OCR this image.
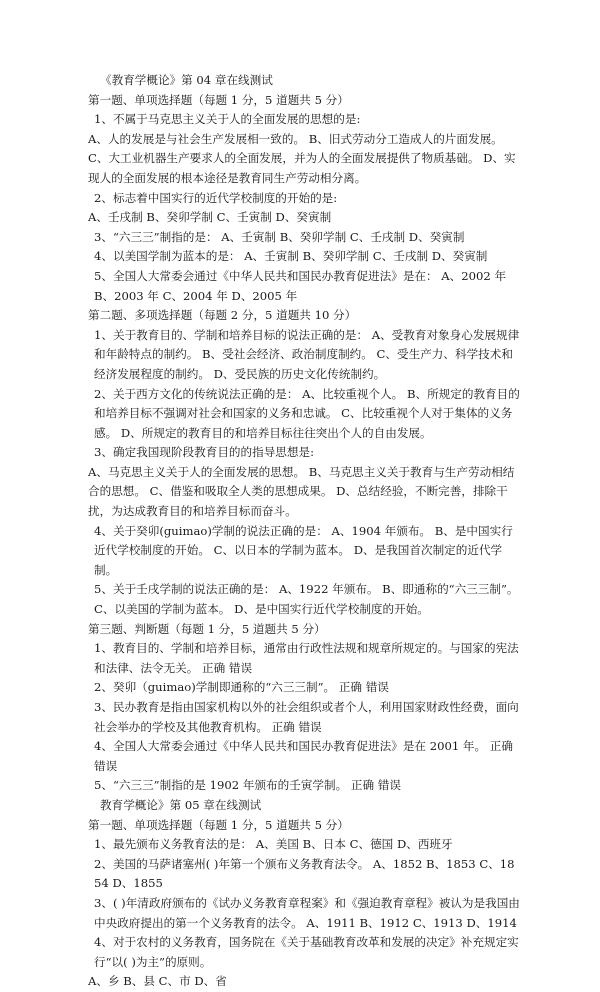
《教育学概论》第 04 章在线测试
第一题、单项选择题（每题 1 分，5 道题共 5 分）
1、不属于马克思主义关于人的全面发展的思想的是:
A、人的发展是与社会生产发展相一致的。 B、旧式劳动分工造成人的片面发展。 C、大工业机器生产要求人的全面发展，并为人的全面发展提供了物质基础。 D、实现人的全面发展的根本途径是教育同生产劳动相分离。
2、标志着中国实行的近代学校制度的开始的是:
A、壬戌制 B、癸卯学制 C、壬寅制 D、癸寅制
3、“六三三”制指的是： A、壬寅制 B、癸卯学制 C、壬戌制 D、癸寅制
4、以美国学制为蓝本的是： A、壬寅制 B、癸卯学制 C、壬戌制 D、癸寅制
5、全国人大常委会通过《中华人民共和国民办教育促进法》是在： A、2002 年 B、2003 年 C、2004 年 D、2005 年
第二题、多项选择题（每题 2 分，5 道题共 10 分）
1、关于教育目的、学制和培养目标的说法正确的是： A、受教育对象身心发展规律和年龄特点的制约。 B、受社会经济、政治制度制约。 C、受生产力、科学技术和经济发展程度的制约。 D、受民族的历史文化传统制约。
2、关于西方文化的传统说法正确的是： A、比较重视个人。 B、所规定的教育目的和培养目标不强调对社会和国家的义务和忠诚。 C、比较重视个人对于集体的义务感。 D、所规定的教育目的和培养目标往往突出个人的自由发展。
3、确定我国现阶段教育目的的指导思想是:
A、马克思主义关于人的全面发展的思想。 B、马克思主义关于教育与生产劳动相结合的思想。 C、借鉴和吸取全人类的思想成果。 D、总结经验，不断完善，排除干扰，为达成教育目的和培养目标而奋斗。
4、关于癸卯(guimao)学制的说法正确的是： A、1904 年颁布。 B、是中国实行近代学校制度的开始。 C、以日本的学制为蓝本。 D、是我国首次制定的近代学制。
5、关于壬戌学制的说法正确的是： A、1922 年颁布。 B、即通称的“六三三制”。 C、以美国的学制为蓝本。 D、是中国实行近代学校制度的开始。
第三题、判断题（每题 1 分，5 道题共 5 分）
1、教育目的、学制和培养目标，通常由行政性法规和规章所规定的。与国家的宪法和法律、法令无关。 正确 错误
2、癸卯（guimao)学制即通称的“六三三制”。 正确 错误
3、民办教育是指由国家机构以外的社会组织或者个人，利用国家财政性经费，面向社会举办的学校及其他教育机构。 正确 错误
4、全国人大常委会通过《中华人民共和国民办教育促进法》是在 2001 年。 正确 错误
5、“六三三”制指的是 1902 年颁布的壬寅学制。 正确 错误
教育学概论》第 05 章在线测试
第一题、单项选择题（每题 1 分，5 道题共 5 分）
1、最先颁布义务教育法的是： A、美国 B、日本 C、德国 D、西班牙
2、美国的马萨诸塞州( )年第一个颁布义务教育法令。 A、1852 B、1853 C、1854 D、1855
3、( )年清政府颁布的《试办义务教育章程案》和《强迫教育章程》被认为是我国由中央政府提出的第一个义务教育的法令。 A、1911 B、1912 C、1913 D、1914
4、对于农村的义务教育，国务院在《关于基础教育改革和发展的决定》补充规定实行“以( )为主”的原则。
A、乡 B、县 C、市 D、省
